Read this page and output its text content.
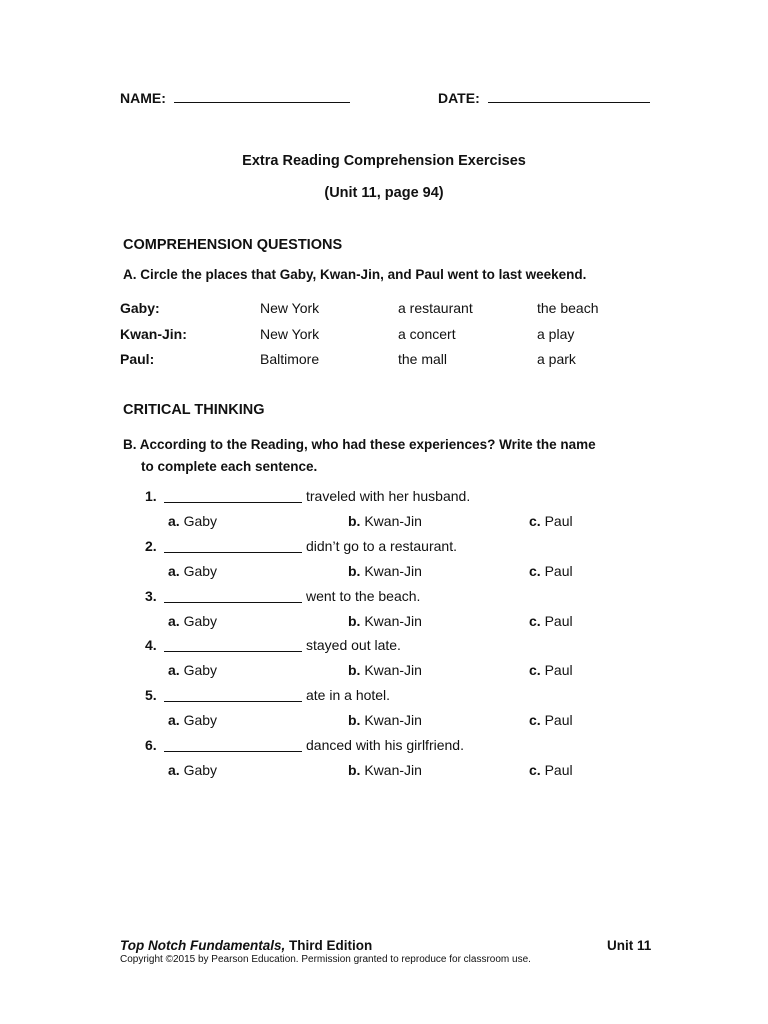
NAME:	DATE:
Extra Reading Comprehension Exercises
(Unit 11, page 94)
COMPREHENSION QUESTIONS
A. Circle the places that Gaby, Kwan-Jin, and Paul went to last weekend.
Gaby:	New York	a restaurant	the beach
Kwan-Jin:	New York	a concert	a play
Paul:	Baltimore	the mall	a park
CRITICAL THINKING
B. According to the Reading, who had these experiences? Write the name
to complete each sentence.
1.	traveled with her husband.
a. Gaby	b. Kwan-Jin	c. Paul
2.	didn’t go to a restaurant.
a. Gaby	b. Kwan-Jin	c. Paul
3.	went to the beach.
a. Gaby	b. Kwan-Jin	c. Paul
4.	stayed out late.
a. Gaby	b. Kwan-Jin	c. Paul
5.	ate in a hotel.
a. Gaby	b. Kwan-Jin	c. Paul
6.	danced with his girlfriend.
a. Gaby	b. Kwan-Jin	c. Paul
Top Notch Fundamentals, Third Edition	Unit 11
Copyright ©2015 by Pearson Education. Permission granted to reproduce for classroom use.
